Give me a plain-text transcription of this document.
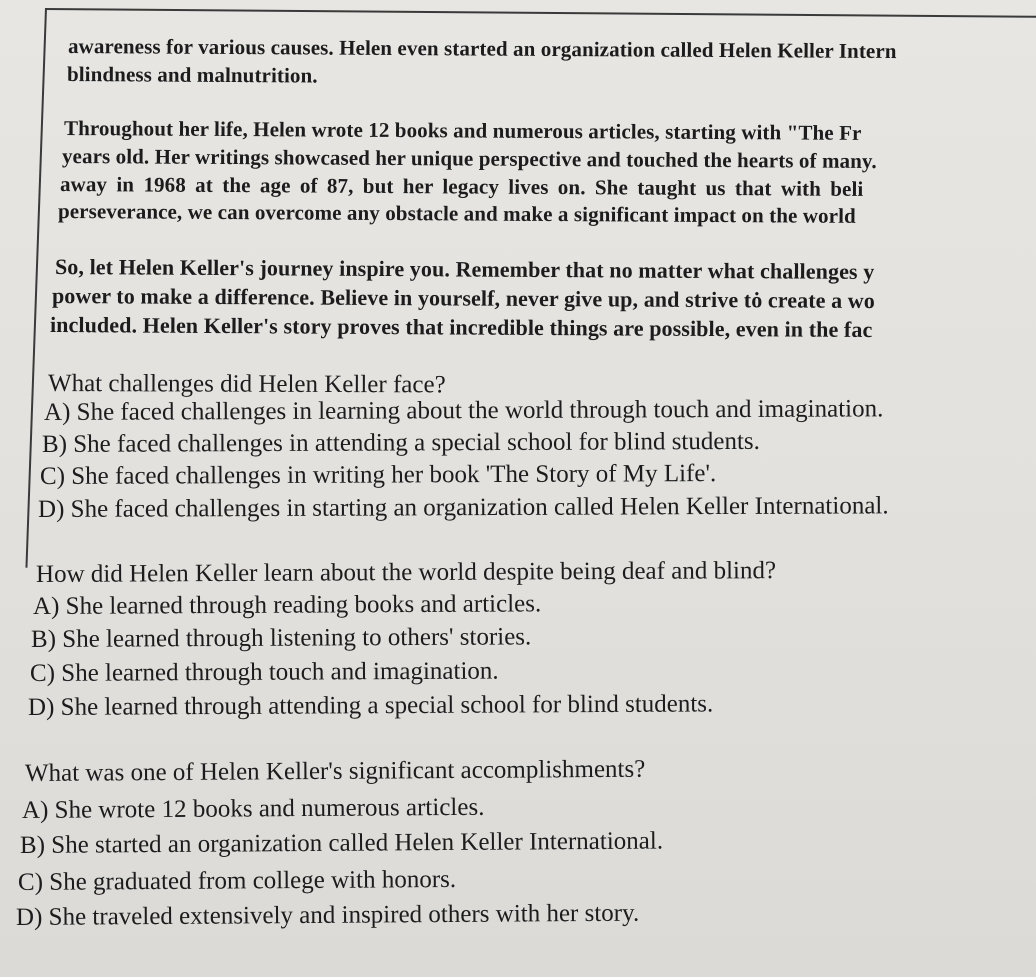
awareness for various causes. Helen even started an organization called Helen Keller Intern
blindness and malnutrition.
Throughout her life, Helen wrote 12 books and numerous articles, starting with "The Fr
years old. Her writings showcased her unique perspective and touched the hearts of many.
away in 1968 at the age of 87, but her legacy lives on. She taught us that with beli
perseverance, we can overcome any obstacle and make a significant impact on the world
So, let Helen Keller's journey inspire you. Remember that no matter what challenges y
power to make a difference. Believe in yourself, never give up, and strive tȯ create a wo
included. Helen Keller's story proves that incredible things are possible, even in the fac
What challenges did Helen Keller face?
A) She faced challenges in learning about the world through touch and imagination.
B) She faced challenges in attending a special school for blind students.
C) She faced challenges in writing her book 'The Story of My Life'.
D) She faced challenges in starting an organization called Helen Keller International.
How did Helen Keller learn about the world despite being deaf and blind?
A) She learned through reading books and articles.
B) She learned through listening to others' stories.
C) She learned through touch and imagination.
D) She learned through attending a special school for blind students.
What was one of Helen Keller's significant accomplishments?
A) She wrote 12 books and numerous articles.
B) She started an organization called Helen Keller International.
C) She graduated from college with honors.
D) She traveled extensively and inspired others with her story.
